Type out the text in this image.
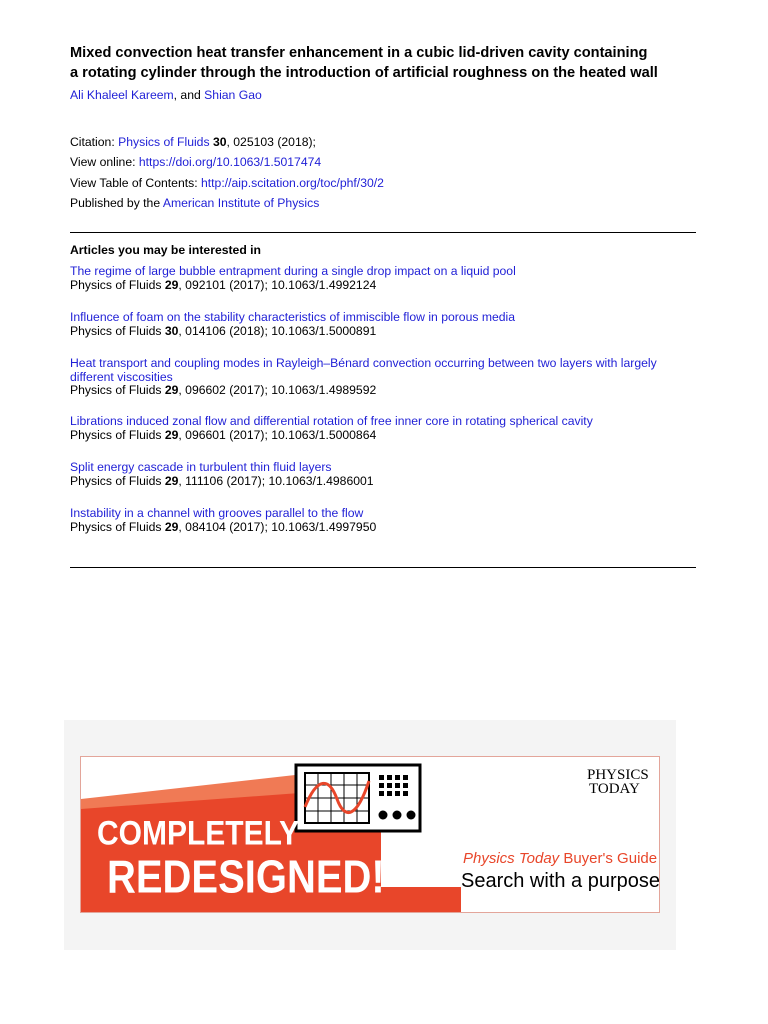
Mixed convection heat transfer enhancement in a cubic lid-driven cavity containing
a rotating cylinder through the introduction of artificial roughness on the heated wall
Ali Khaleel Kareem, and Shian Gao
Citation: Physics of Fluids 30, 025103 (2018);
View online: https://doi.org/10.1063/1.5017474
View Table of Contents: http://aip.scitation.org/toc/phf/30/2
Published by the American Institute of Physics
Articles you may be interested in
The regime of large bubble entrapment during a single drop impact on a liquid pool
Physics of Fluids 29, 092101 (2017); 10.1063/1.4992124
Influence of foam on the stability characteristics of immiscible flow in porous media
Physics of Fluids 30, 014106 (2018); 10.1063/1.5000891
Heat transport and coupling modes in Rayleigh–Bénard convection occurring between two layers with largely different viscosities
Physics of Fluids 29, 096602 (2017); 10.1063/1.4989592
Librations induced zonal flow and differential rotation of free inner core in rotating spherical cavity
Physics of Fluids 29, 096601 (2017); 10.1063/1.5000864
Split energy cascade in turbulent thin fluid layers
Physics of Fluids 29, 111106 (2017); 10.1063/1.4986001
Instability in a channel with grooves parallel to the flow
Physics of Fluids 29, 084104 (2017); 10.1063/1.4997950
COMPLETELY
REDESIGNED!
PHYSICS
TODAY
Physics Today Buyer's Guide
Search with a purpose.
